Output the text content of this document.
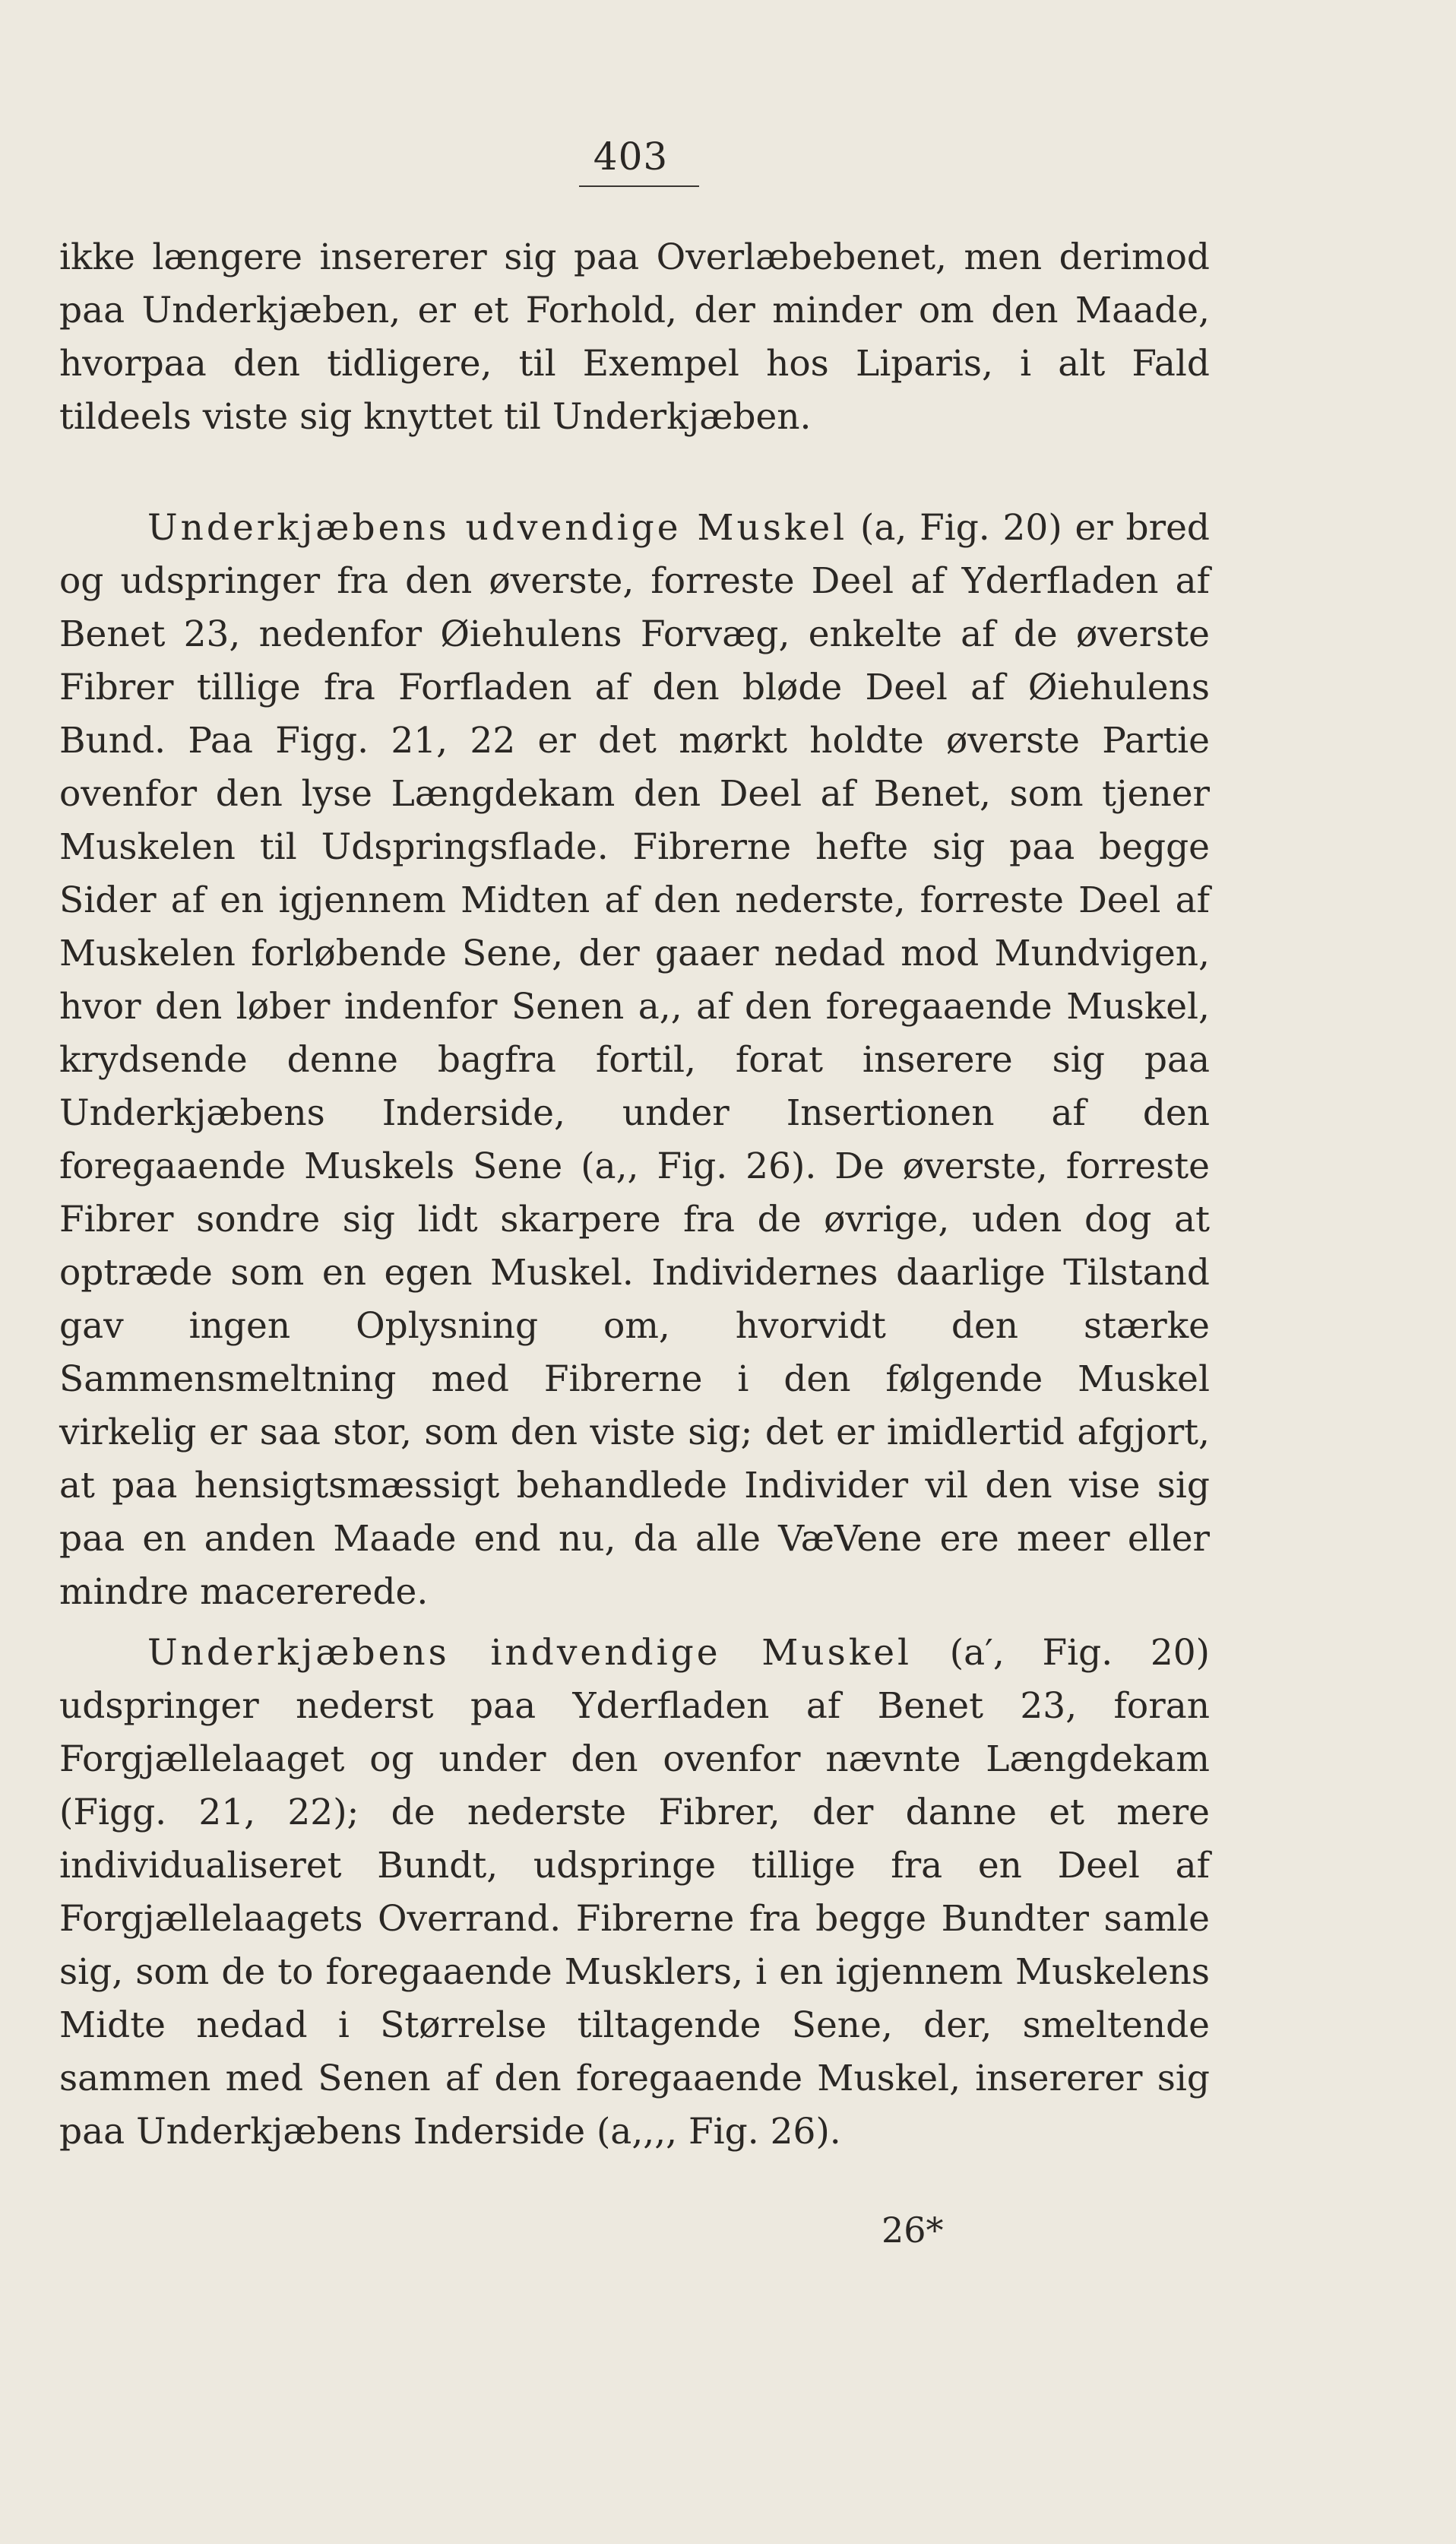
403

ikke længere insererer sig paa Overlæbebenet, men derimod paa Underkjæben, er et Forhold, der minder om den Maade, hvorpaa den tidligere, til Exempel hos Liparis, i alt Fald tildeels viste sig knyttet til Underkjæben.

Underkjæbens udvendige Muskel (a, Fig. 20) er bred og udspringer fra den øverste, forreste Deel af Yderfladen af Benet 23, nedenfor Øiehulens Forvæg, enkelte af de øverste Fibrer tillige fra Forfladen af den bløde Deel af Øiehulens Bund. Paa Figg. 21, 22 er det mørkt holdte øverste Partie ovenfor den lyse Længdekam den Deel af Benet, som tjener Muskelen til Udspringsflade. Fibrerne hefte sig paa begge Sider af en igjennem Midten af den nederste, forreste Deel af Muskelen forløbende Sene, der gaaer nedad mod Mundvigen, hvor den løber indenfor Senen a,, af den foregaaende Muskel, krydsende denne bagfra fortil, forat inserere sig paa Underkjæbens Inderside, under Insertionen af den foregaaende Muskels Sene (a,, Fig. 26). De øverste, forreste Fibrer sondre sig lidt skarpere fra de øvrige, uden dog at optræde som en egen Muskel. Individernes daarlige Tilstand gav ingen Oplysning om, hvorvidt den stærke Sammensmeltning med Fibrerne i den følgende Muskel virkelig er saa stor, som den viste sig; det er imidlertid afgjort, at paa hensigtsmæssigt behandlede Individer vil den vise sig paa en anden Maade end nu, da alle VæVene ere meer eller mindre macererede.

Underkjæbens indvendige Muskel (a′, Fig. 20) udspringer nederst paa Yderfladen af Benet 23, foran Forgjællelaaget og under den ovenfor nævnte Længdekam (Figg. 21, 22); de nederste Fibrer, der danne et mere individualiseret Bundt, udspringe tillige fra en Deel af Forgjællelaagets Overrand. Fibrerne fra begge Bundter samle sig, som de to foregaaende Musklers, i en igjennem Muskelens Midte nedad i Størrelse tiltagende Sene, der, smeltende sammen med Senen af den foregaaende Muskel, insererer sig paa Underkjæbens Inderside (a,,,, Fig. 26).

26*
